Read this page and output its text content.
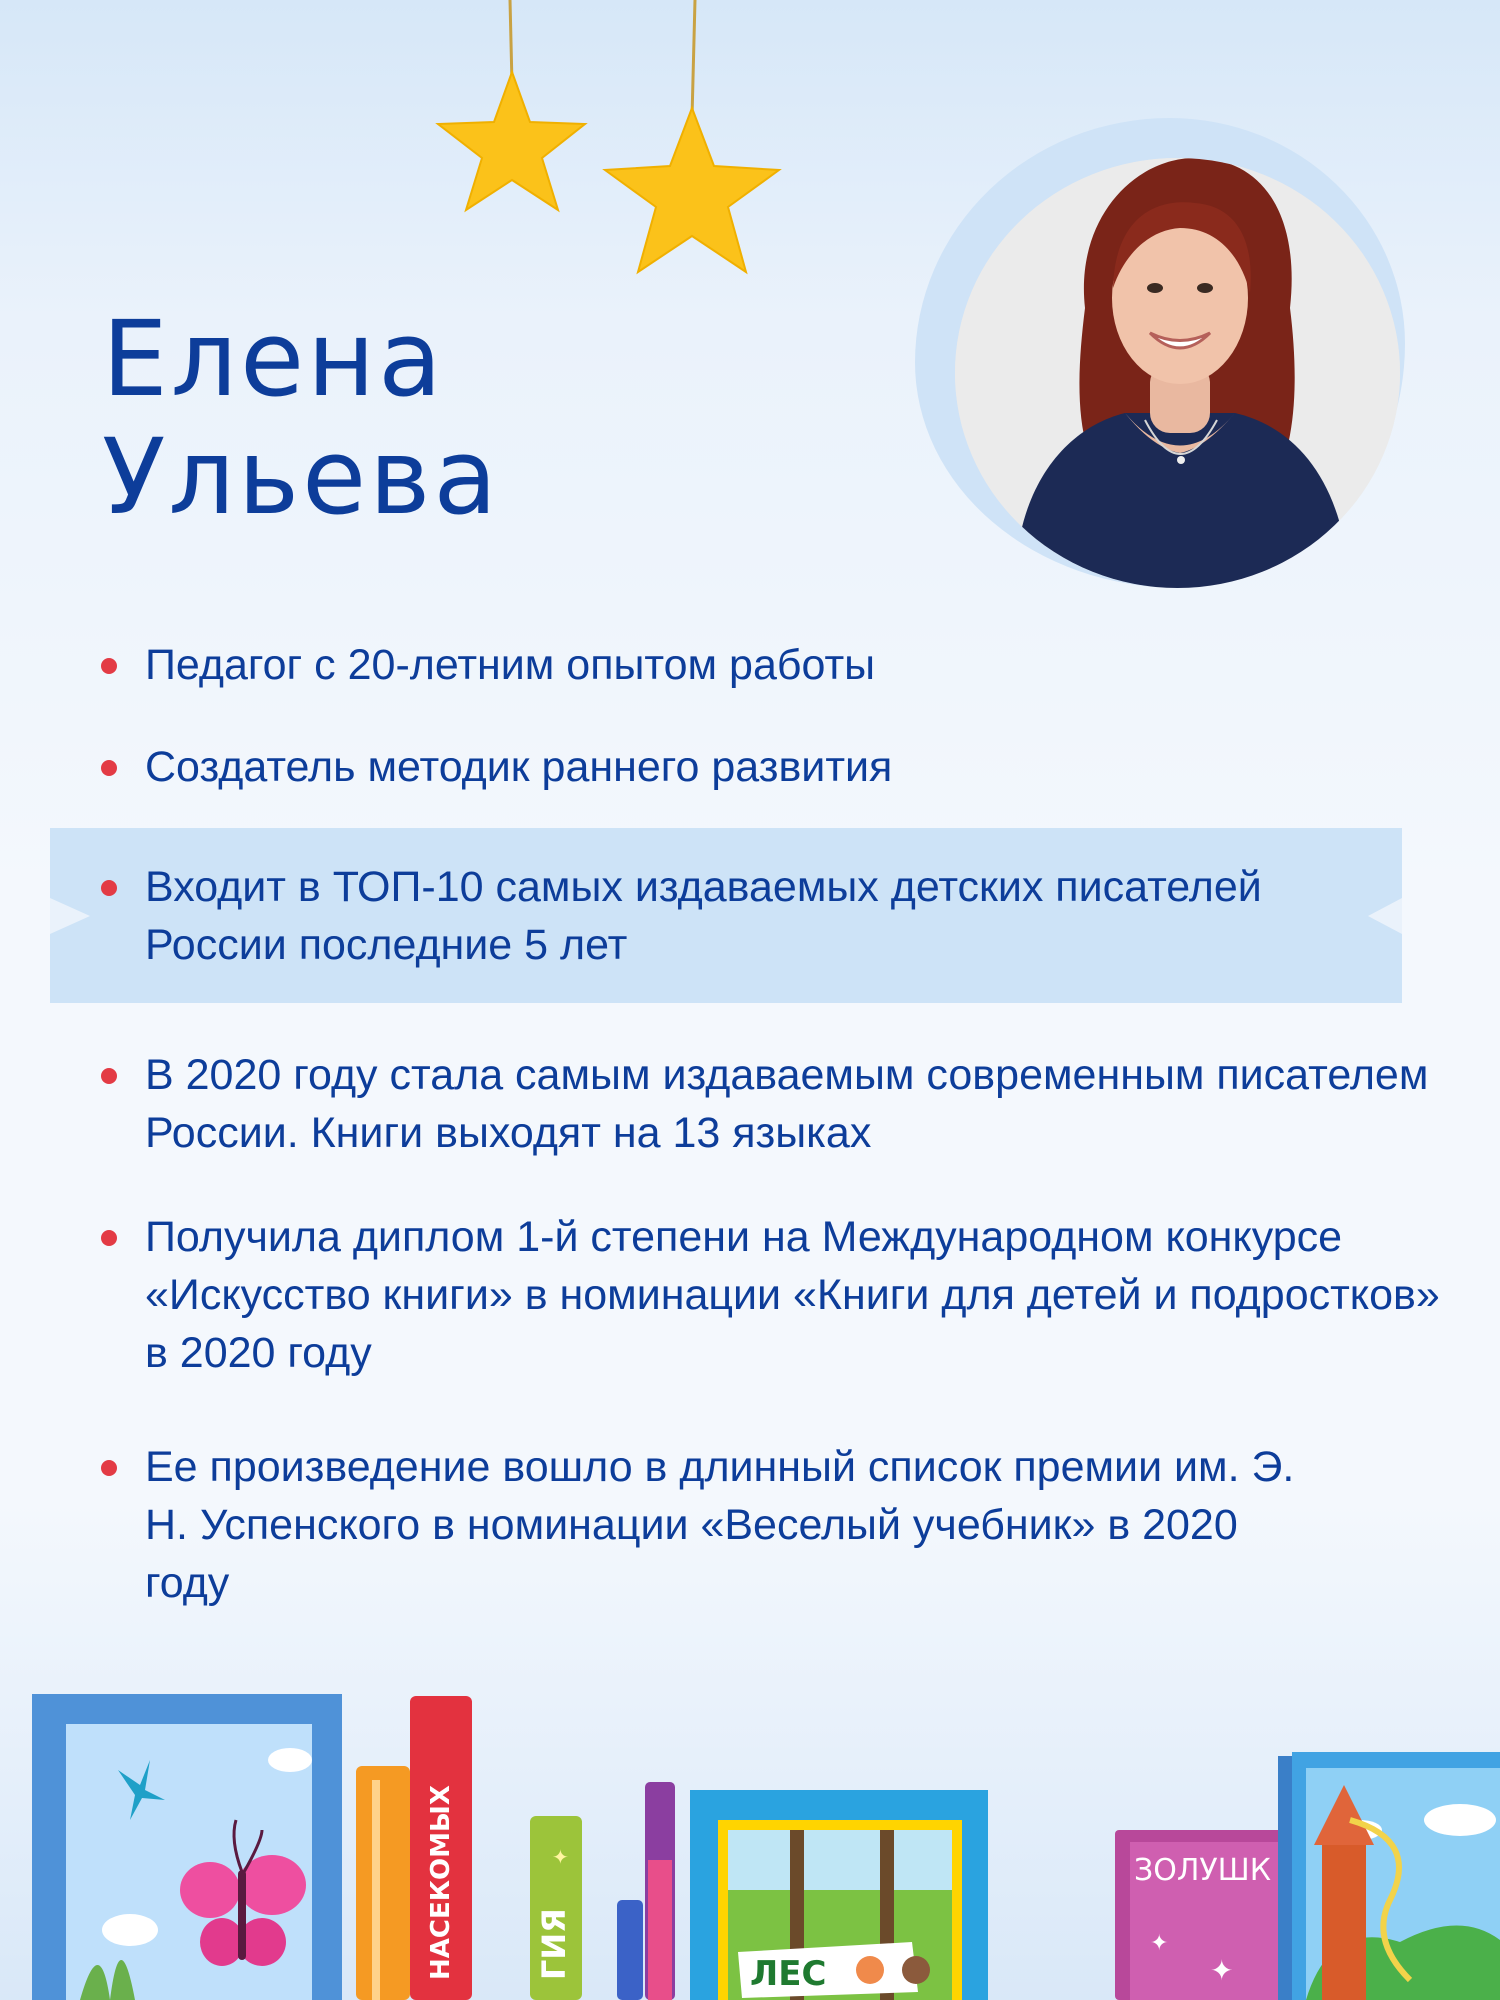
Елена
Ульева
Педагог с 20-летним опытом работы
Создатель методик раннего развития
Входит в ТОП-10 самых издаваемых детских писателей России последние 5 лет
В 2020 году стала самым издаваемым современным писателем России. Книги выходят на 13 языках
Получила диплом 1-й степени на Международном конкурсе «Искусство книги» в номинации «Книги для детей и подростков» в 2020 году
Ее произведение вошло в длинный список премии им. Э. Н. Успенского в номинации «Веселый учебник» в 2020 году
НАСЕКОМЫХ ГИЯ
✦
ЛЕС
ЗОЛУШК
✦
✦
